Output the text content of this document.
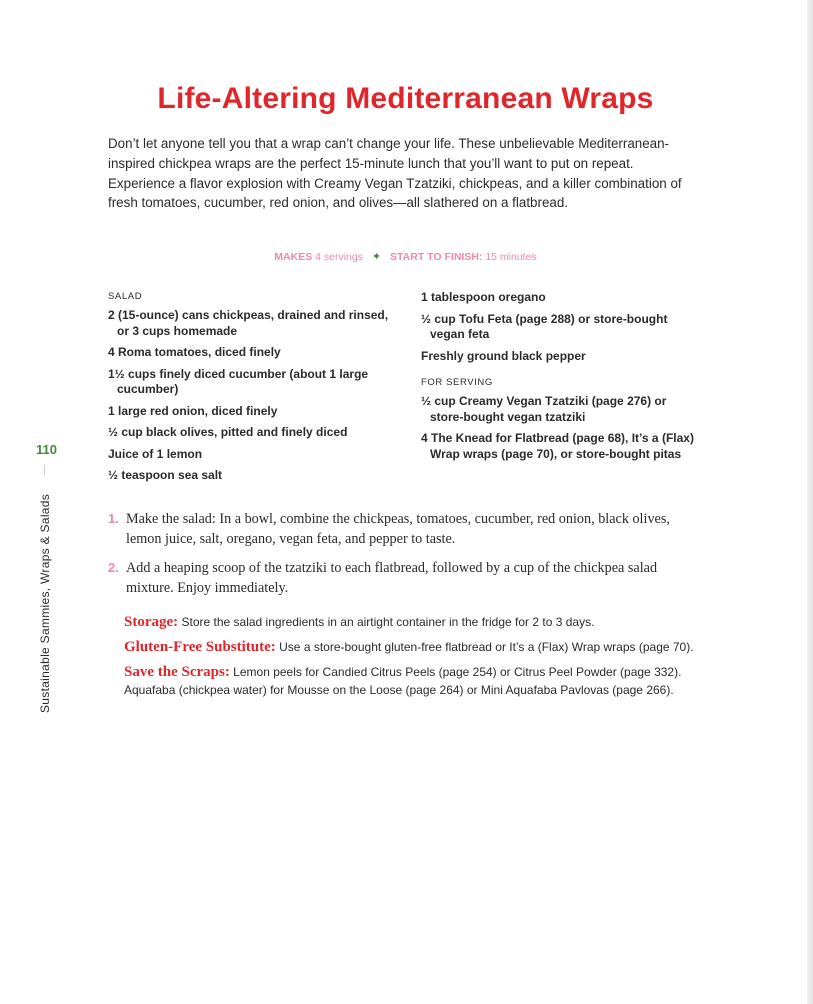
Life-Altering Mediterranean Wraps

Don’t let anyone tell you that a wrap can’t change your life. These unbelievable Mediterranean-inspired chickpea wraps are the perfect 15-minute lunch that you’ll want to put on repeat. Experience a flavor explosion with Creamy Vegan Tzatziki, chickpeas, and a killer combination of fresh tomatoes, cucumber, red onion, and olives—all slathered on a flatbread.

MAKES 4 servings ✦ START TO FINISH: 15 minutes
SALAD
2 (15-ounce) cans chickpeas, drained and rinsed, or 3 cups homemade
4 Roma tomatoes, diced finely
1½ cups finely diced cucumber (about 1 large cucumber)
1 large red onion, diced finely
½ cup black olives, pitted and finely diced
Juice of 1 lemon
½ teaspoon sea salt
1 tablespoon oregano
½ cup Tofu Feta (page 288) or store-bought vegan feta
Freshly ground black pepper
FOR SERVING
½ cup Creamy Vegan Tzatziki (page 276) or store-bought vegan tzatziki
4 The Knead for Flatbread (page 68), It’s a (Flax) Wrap wraps (page 70), or store-bought pitas
110
Sustainable Sammies, Wraps & Salads	1. Make the salad: In a bowl, combine the chickpeas, tomatoes, cucumber, red onion, black olives, lemon juice, salt, oregano, vegan feta, and pepper to taste.
2. Add a heaping scoop of the tzatziki to each flatbread, followed by a cup of the chickpea salad mixture. Enjoy immediately.

Storage: Store the salad ingredients in an airtight container in the fridge for 2 to 3 days.

Gluten-Free Substitute: Use a store-bought gluten-free flatbread or It’s a (Flax) Wrap wraps (page 70).

Save the Scraps: Lemon peels for Candied Citrus Peels (page 254) or Citrus Peel Powder (page 332). Aquafaba (chickpea water) for Mousse on the Loose (page 264) or Mini Aquafaba Pavlovas (page 266).
